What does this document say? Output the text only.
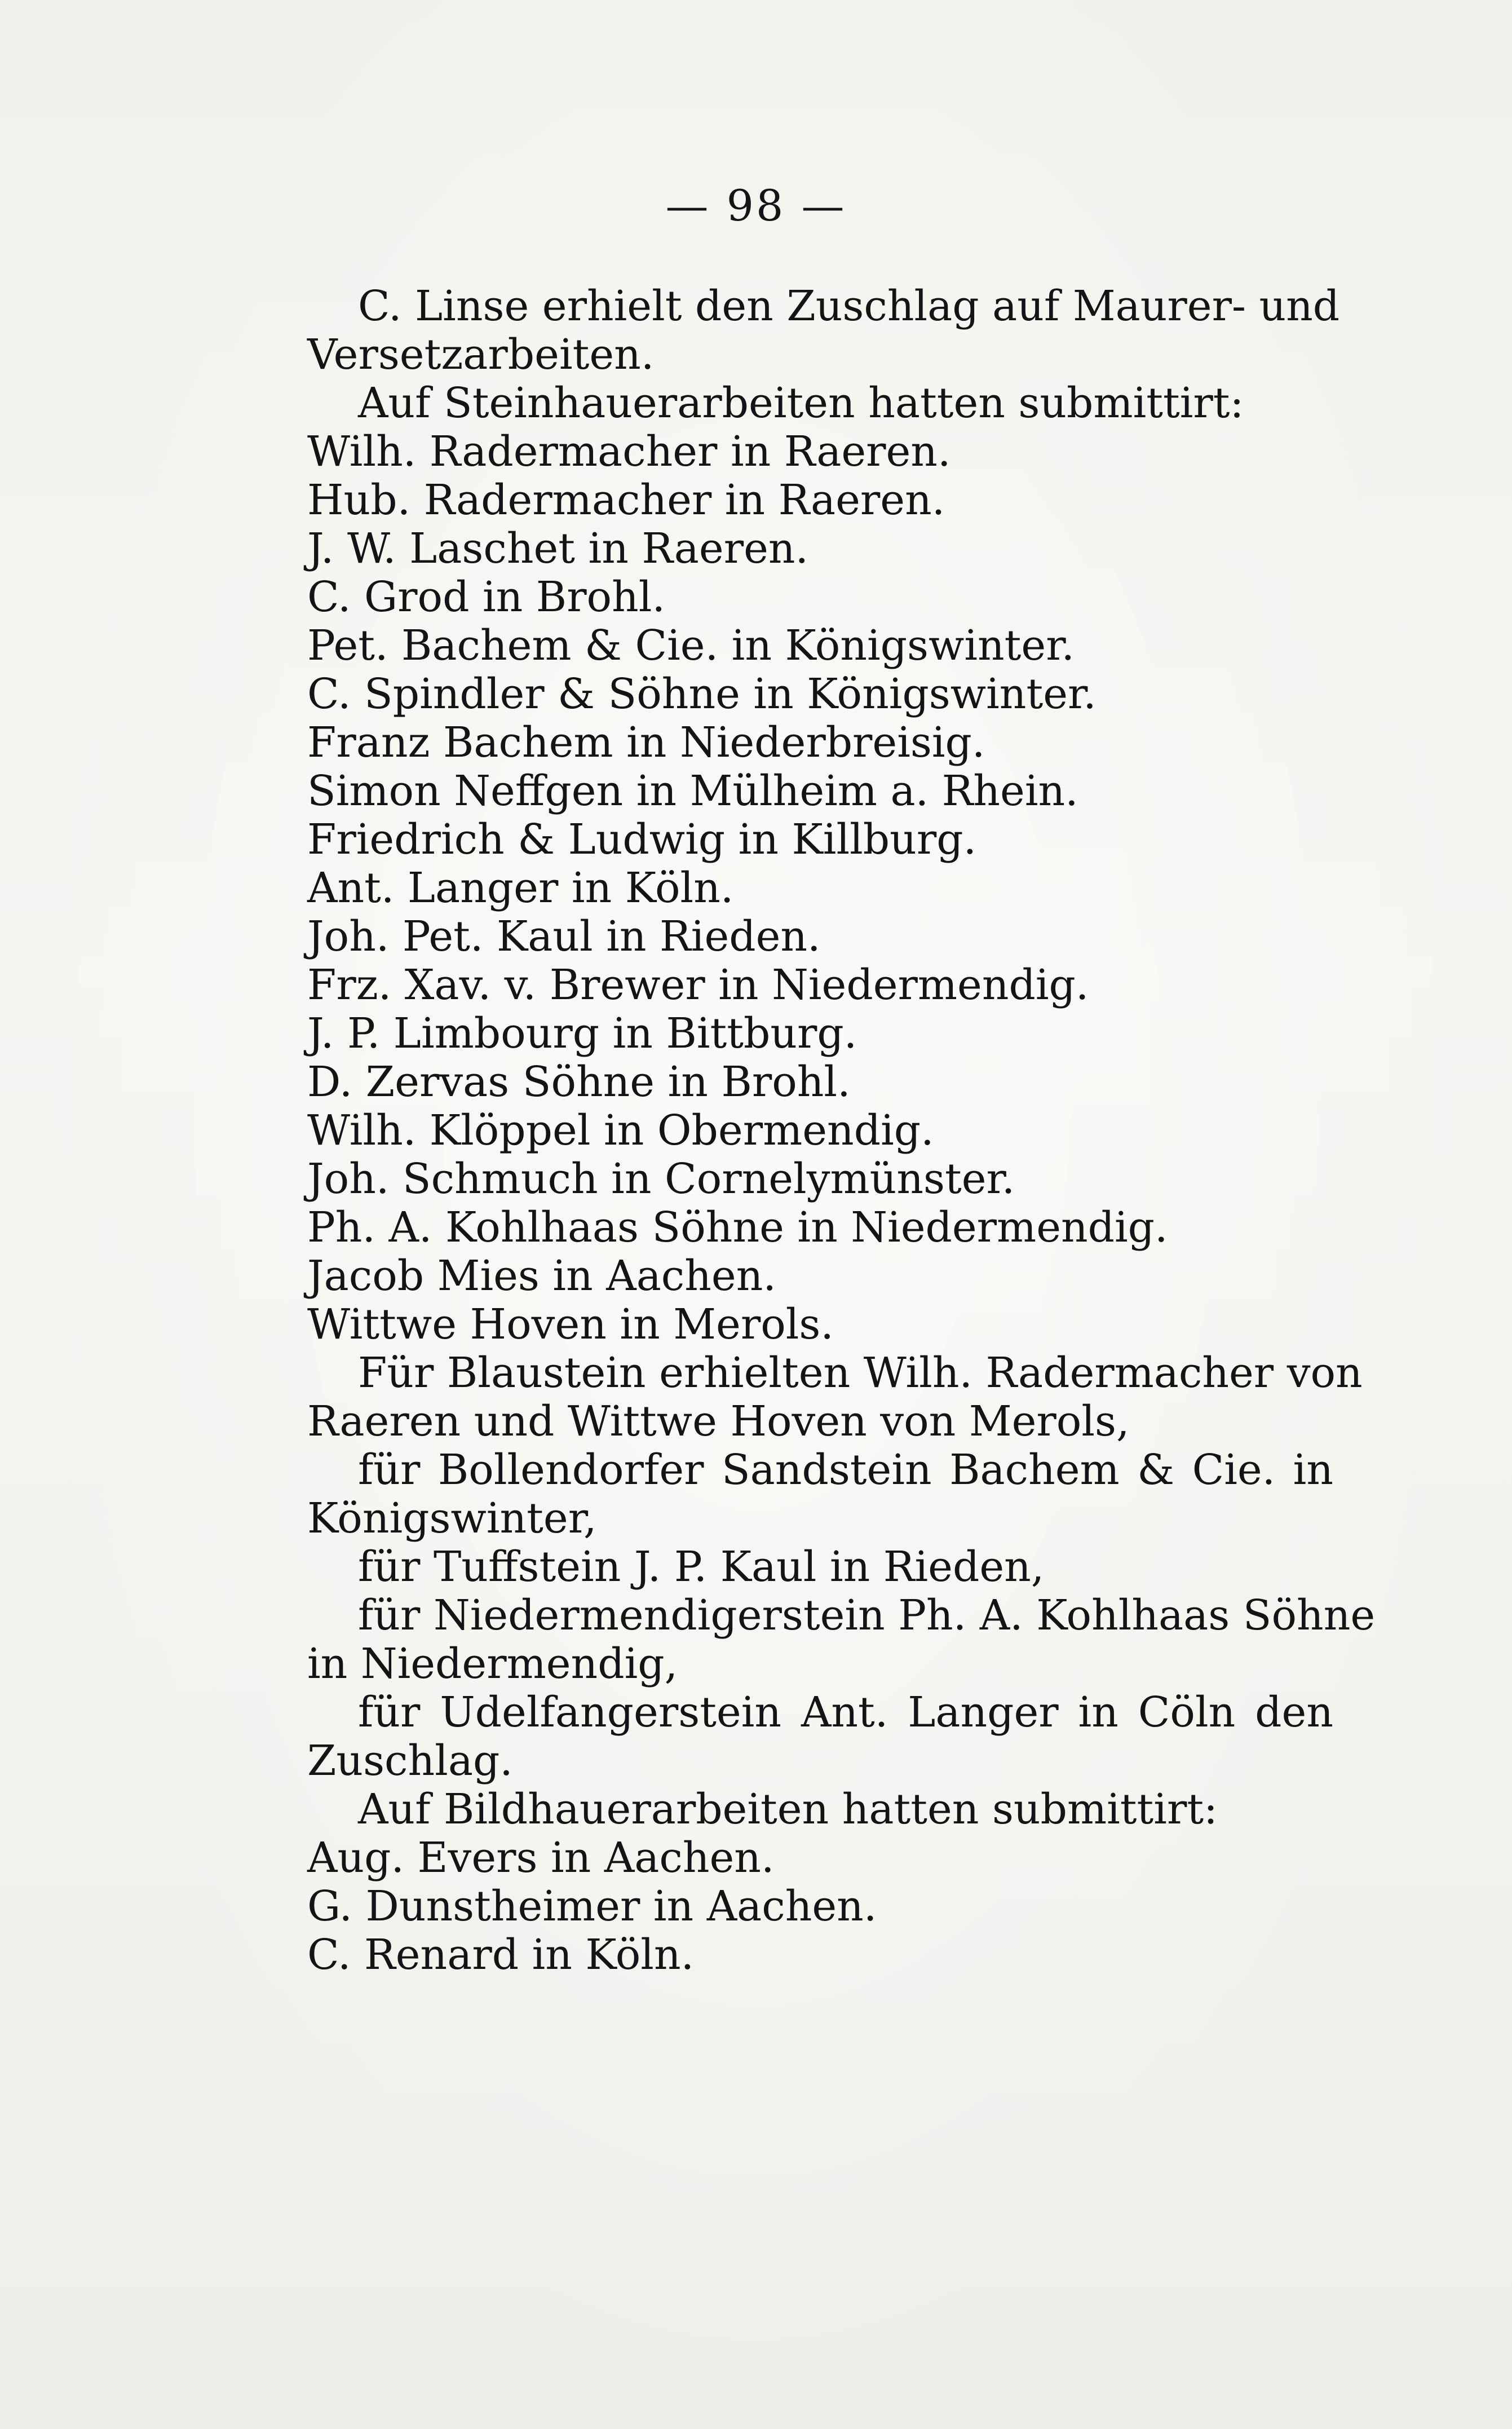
— 98 —
C. Linse erhielt den Zuschlag auf Maurer- und
Versetzarbeiten.
Auf Steinhauerarbeiten hatten submittirt:
Wilh. Radermacher in Raeren.
Hub. Radermacher in Raeren.
J. W. Laschet in Raeren.
C. Grod in Brohl.
Pet. Bachem & Cie. in Königswinter.
C. Spindler & Söhne in Königswinter.
Franz Bachem in Niederbreisig.
Simon Neffgen in Mülheim a. Rhein.
Friedrich & Ludwig in Killburg.
Ant. Langer in Köln.
Joh. Pet. Kaul in Rieden.
Frz. Xav. v. Brewer in Niedermendig.
J. P. Limbourg in Bittburg.
D. Zervas Söhne in Brohl.
Wilh. Klöppel in Obermendig.
Joh. Schmuch in Cornelymünster.
Ph. A. Kohlhaas Söhne in Niedermendig.
Jacob Mies in Aachen.
Wittwe Hoven in Merols.
Für Blaustein erhielten Wilh. Radermacher von
Raeren und Wittwe Hoven von Merols,
für Bollendorfer Sandstein Bachem & Cie. in
Königswinter,
für Tuffstein J. P. Kaul in Rieden,
für Niedermendigerstein Ph. A. Kohlhaas Söhne
in Niedermendig,
für Udelfangerstein Ant. Langer in Cöln den
Zuschlag.
Auf Bildhauerarbeiten hatten submittirt:
Aug. Evers in Aachen.
G. Dunstheimer in Aachen.
C. Renard in Köln.
